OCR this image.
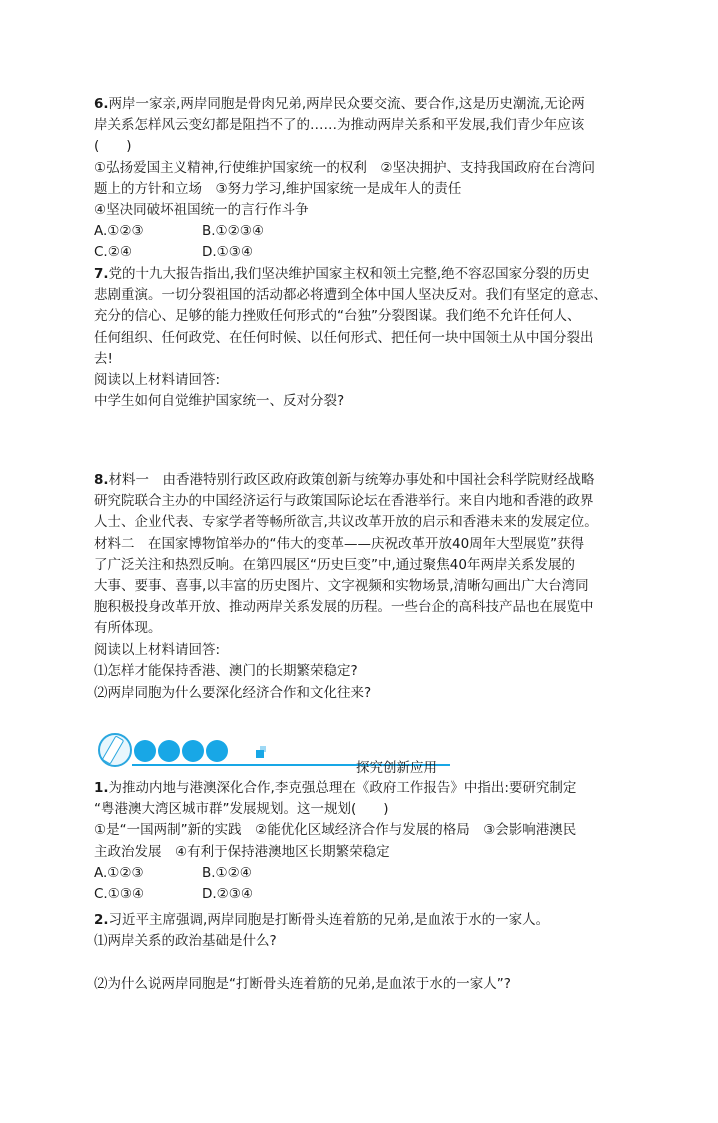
6.两岸一家亲,两岸同胞是骨肉兄弟,两岸民众要交流、要合作,这是历史潮流,无论两
岸关系怎样风云变幻都是阻挡不了的……为推动两岸关系和平发展,我们青少年应该
(　　)
①弘扬爱国主义精神,行使维护国家统一的权利　②坚决拥护、支持我国政府在台湾问
题上的方针和立场　③努力学习,维护国家统一是成年人的责任
④坚决同破坏祖国统一的言行作斗争
A.①②③	B.①②③④
C.②④	D.①③④
7.党的十九大报告指出,我们坚决维护国家主权和领土完整,绝不容忍国家分裂的历史
悲剧重演。一切分裂祖国的活动都必将遭到全体中国人坚决反对。我们有坚定的意志、
充分的信心、足够的能力挫败任何形式的“台独”分裂图谋。我们绝不允许任何人、
任何组织、任何政党、在任何时候、以任何形式、把任何一块中国领土从中国分裂出
去!
阅读以上材料请回答:
中学生如何自觉维护国家统一、反对分裂?
8.材料一　由香港特别行政区政府政策创新与统筹办事处和中国社会科学院财经战略
研究院联合主办的中国经济运行与政策国际论坛在香港举行。来自内地和香港的政界
人士、企业代表、专家学者等畅所欲言,共议改革开放的启示和香港未来的发展定位。
材料二　在国家博物馆举办的“伟大的变革——庆祝改革开放40周年大型展览”获得
了广泛关注和热烈反响。在第四展区“历史巨变”中,通过聚焦40年两岸关系发展的
大事、要事、喜事,以丰富的历史图片、文字视频和实物场景,清晰勾画出广大台湾同
胞积极投身改革开放、推动两岸关系发展的历程。一些台企的高科技产品也在展览中
有所体现。
阅读以上材料请回答:
⑴怎样才能保持香港、澳门的长期繁荣稳定?
⑵两岸同胞为什么要深化经济合作和文化往来?
探究创新应用
1.为推动内地与港澳深化合作,李克强总理在《政府工作报告》中指出:要研究制定
“粤港澳大湾区城市群”发展规划。这一规划(　　)
①是“一国两制”新的实践　②能优化区域经济合作与发展的格局　③会影响港澳民
主政治发展　④有利于保持港澳地区长期繁荣稳定
A.①②③	B.①②④
C.①③④	D.②③④
2.习近平主席强调,两岸同胞是打断骨头连着筋的兄弟,是血浓于水的一家人。
⑴两岸关系的政治基础是什么?
⑵为什么说两岸同胞是“打断骨头连着筋的兄弟,是血浓于水的一家人”?
